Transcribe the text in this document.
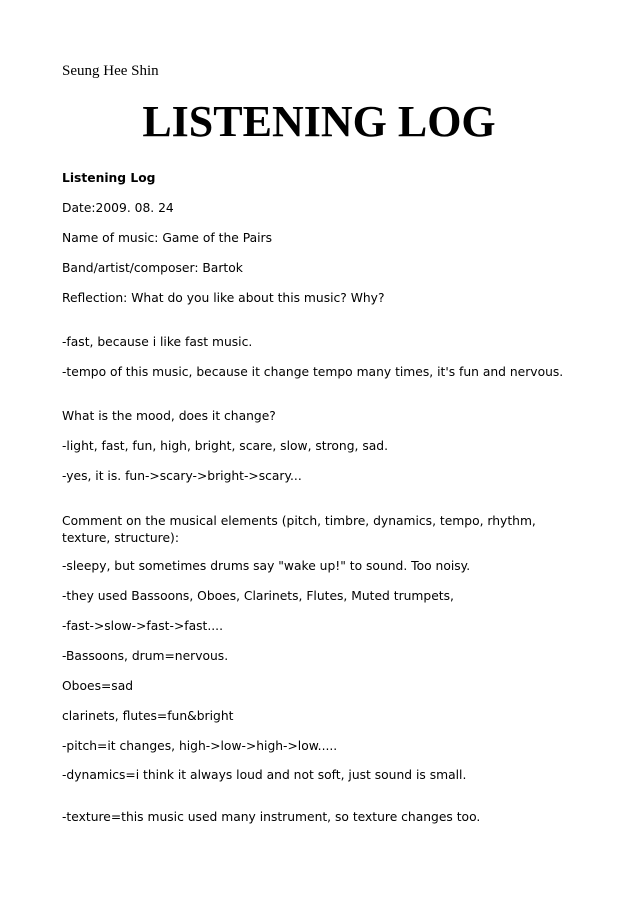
Seung Hee Shin
LISTENING LOG
Listening Log
Date:2009. 08. 24
Name of music: Game of the Pairs
Band/artist/composer: Bartok
Reflection: What do you like about this music? Why?
-fast, because i like fast music.
-tempo of this music, because it change tempo many times, it's fun and nervous.
What is the mood, does it change?
-light, fast, fun, high, bright, scare, slow, strong, sad.
-yes, it is. fun->scary->bright->scary...
Comment on the musical elements (pitch, timbre, dynamics, tempo, rhythm, texture, structure):
-sleepy, but sometimes drums say "wake up!" to sound. Too noisy.
-they used Bassoons, Oboes, Clarinets, Flutes, Muted trumpets,
-fast->slow->fast->fast....
-Bassoons, drum=nervous.
Oboes=sad
clarinets, flutes=fun&bright
-pitch=it changes, high->low->high->low.....
-dynamics=i think it always loud and not soft, just sound is small.
-texture=this music used many instrument, so texture changes too.
